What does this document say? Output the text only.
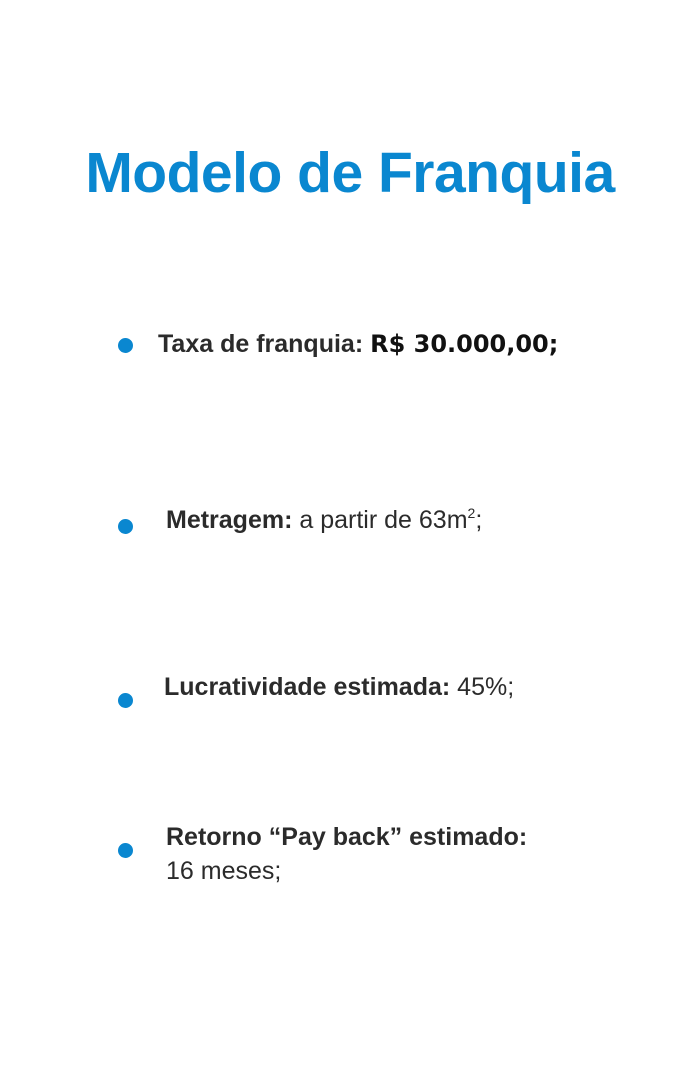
Modelo de Franquia
Taxa de franquia: R$ 30.000,00;
Metragem: a partir de $63m^2$;
Lucratividade estimada: 45%;
Retorno “Pay back” estimado:
16 meses;
